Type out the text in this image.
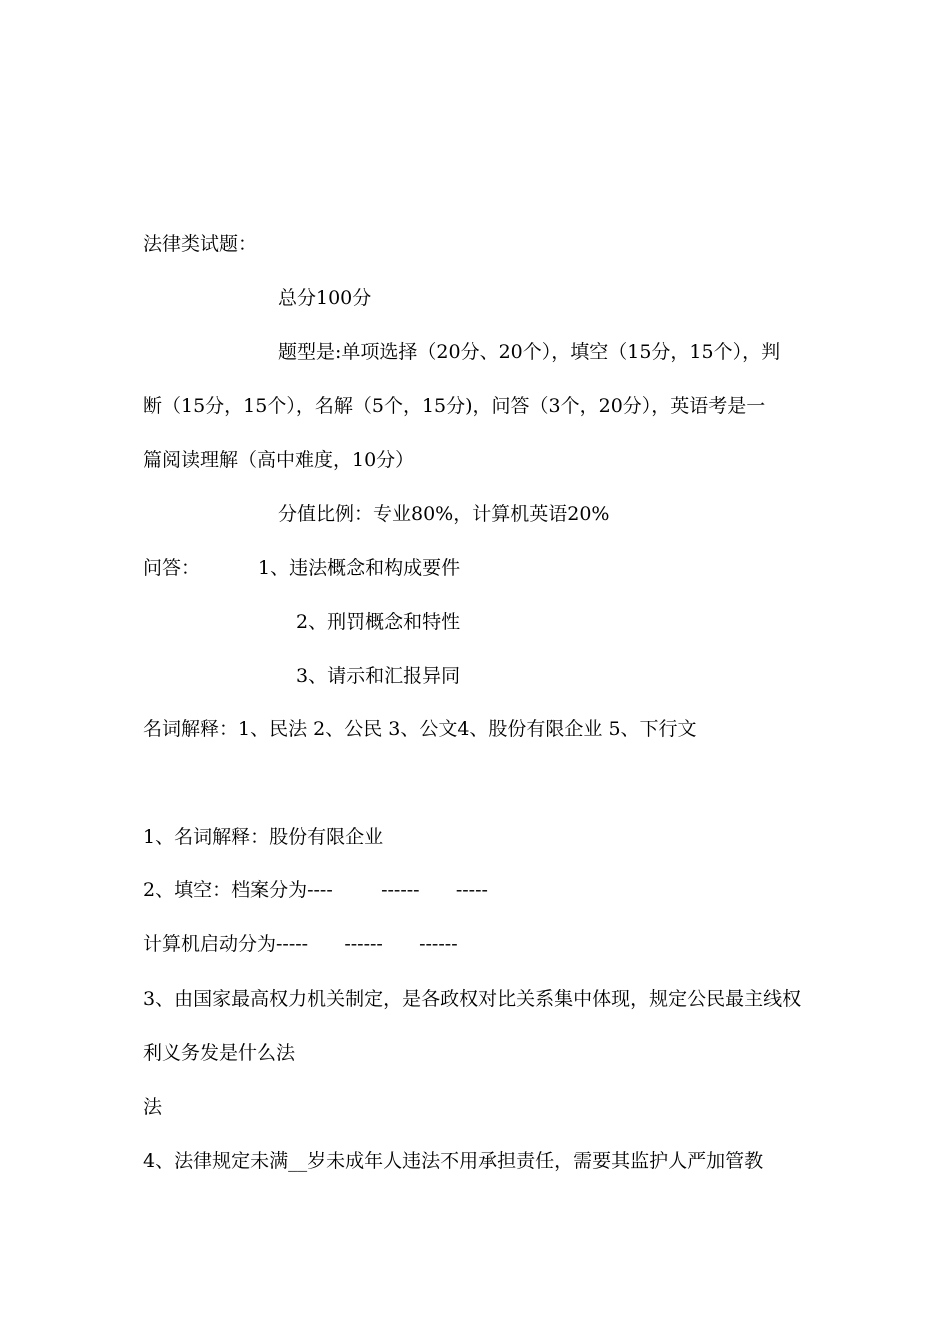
法律类试题：
总分100分
题型是:单项选择（20分、20个），填空（15分，15个），判
断（15分，15个），名解（5个，15分)，问答（3个，20分），英语考是一
篇阅读理解（高中难度，10分）
分值比例：专业80%，计算机英语20%
问答：	1、违法概念和构成要件
2、刑罚概念和特性
3、请示和汇报异同
名词解释：1、民法 2、公民 3、公文4、股份有限企业 5、下行文
1、名词解释：股份有限企业
2、填空：档案分为----        ------      -----
计算机启动分为-----      ------      ------
3、由国家最高权力机关制定，是各政权对比关系集中体现，规定公民最主线权
利义务发是什么法
法
4、法律规定未满__岁未成年人违法不用承担责任，需要其监护人严加管教
